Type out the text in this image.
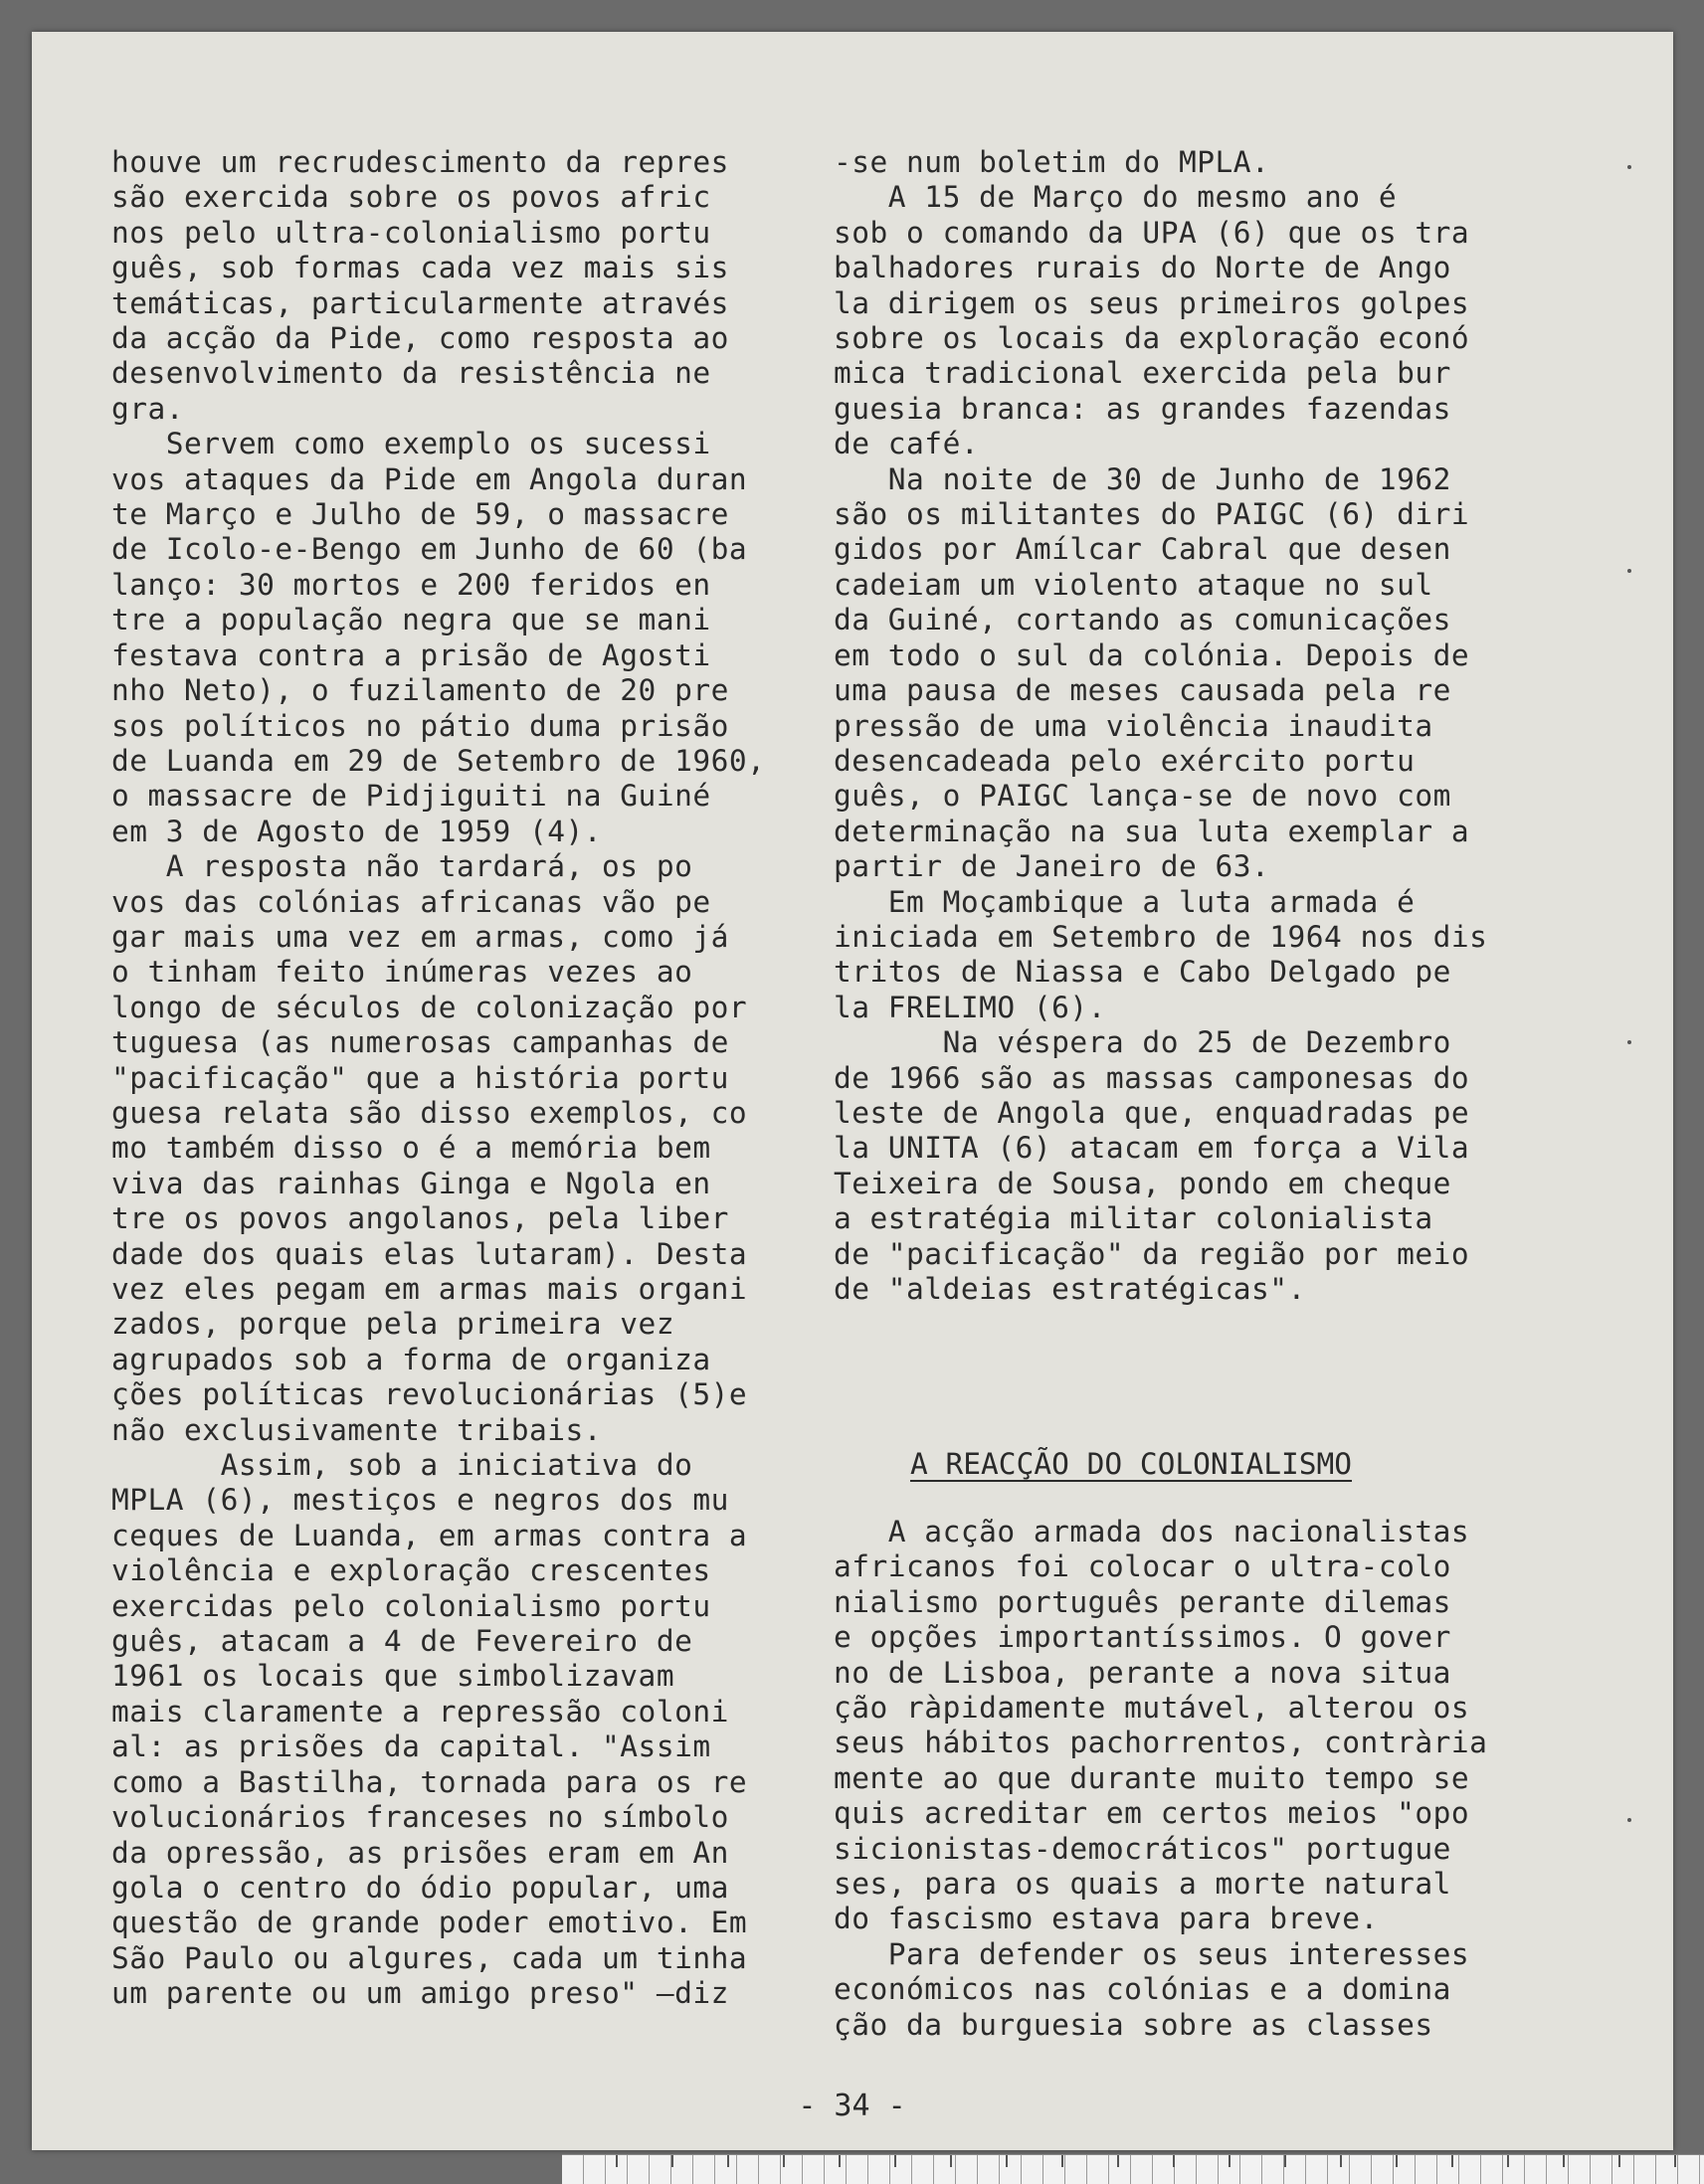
houve um recrudescimento da repres

são exercida sobre os povos afric

nos pelo ultra-colonialismo portu

guês, sob formas cada vez mais sis

temáticas, particularmente através

da acção da Pide, como resposta ao

desenvolvimento da resistência ne

gra.

Servem como exemplo os sucessi

vos ataques da Pide em Angola duran

te Março e Julho de 59, o massacre

de Icolo-e-Bengo em Junho de 60 (ba

lanço: 30 mortos e 200 feridos en

tre a população negra que se mani

festava contra a prisão de Agosti

nho Neto), o fuzilamento de 20 pre

sos políticos no pátio duma prisão

de Luanda em 29 de Setembro de 1960,

o massacre de Pidjiguiti na Guiné

em 3 de Agosto de 1959 (4).

A resposta não tardará, os po

vos das colónias africanas vão pe

gar mais uma vez em armas, como já

o tinham feito inúmeras vezes ao

longo de séculos de colonização por

tuguesa (as numerosas campanhas de

"pacificação" que a história portu

guesa relata são disso exemplos, co

mo também disso o é a memória bem

viva das rainhas Ginga e Ngola en

tre os povos angolanos, pela liber

dade dos quais elas lutaram). Desta

vez eles pegam em armas mais organi

zados, porque pela primeira vez

agrupados sob a forma de organiza

ções políticas revolucionárias (5)e

não exclusivamente tribais.

Assim, sob a iniciativa do

MPLA (6), mestiços e negros dos mu

ceques de Luanda, em armas contra a

violência e exploração crescentes

exercidas pelo colonialismo portu

guês, atacam a 4 de Fevereiro de

1961 os locais que simbolizavam

mais claramente a repressão coloni

al: as prisões da capital. "Assim

como a Bastilha, tornada para os re

volucionários franceses no símbolo

da opressão, as prisões eram em An

gola o centro do ódio popular, uma

questão de grande poder emotivo. Em

São Paulo ou algures, cada um tinha

um parente ou um amigo preso" —diz

-se num boletim do MPLA.

A 15 de Março do mesmo ano é

sob o comando da UPA (6) que os tra

balhadores rurais do Norte de Ango

la dirigem os seus primeiros golpes

sobre os locais da exploração econó

mica tradicional exercida pela bur

guesia branca: as grandes fazendas

de café.

Na noite de 30 de Junho de 1962

são os militantes do PAIGC (6) diri

gidos por Amílcar Cabral que desen

cadeiam um violento ataque no sul

da Guiné, cortando as comunicações

em todo o sul da colónia. Depois de

uma pausa de meses causada pela re

pressão de uma violência inaudita

desencadeada pelo exército portu

guês, o PAIGC lança-se de novo com

determinação na sua luta exemplar a

partir de Janeiro de 63.

Em Moçambique a luta armada é

iniciada em Setembro de 1964 nos dis

tritos de Niassa e Cabo Delgado pe

la FRELIMO (6).

Na véspera do 25 de Dezembro

de 1966 são as massas camponesas do

leste de Angola que, enquadradas pe

la UNITA (6) atacam em força a Vila

Teixeira de Sousa, pondo em cheque

a estratégia militar colonialista

de "pacificação" da região por meio

de "aldeias estratégicas".

A REACÇÃO DO COLONIALISMO

A acção armada dos nacionalistas

africanos foi colocar o ultra-colo

nialismo português perante dilemas

e opções importantíssimos. O gover

no de Lisboa, perante a nova situa

ção ràpidamente mutável, alterou os

seus hábitos pachorrentos, contrària

mente ao que durante muito tempo se

quis acreditar em certos meios "opo

sicionistas-democráticos" portugue

ses, para os quais a morte natural

do fascismo estava para breve.

Para defender os seus interesses

económicos nas colónias e a domina

ção da burguesia sobre as classes

- 34 -
